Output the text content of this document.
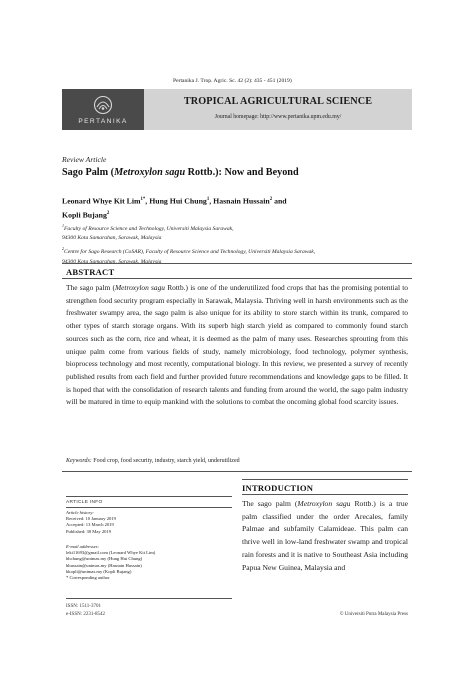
Pertanika J. Trop. Agric. Sc. 42 (2): 435 - 451 (2019)
PERTANIKA
TROPICAL AGRICULTURAL SCIENCE
Journal homepage: http://www.pertanika.upm.edu.my/
Review Article
Sago Palm (Metroxylon sagu Rottb.): Now and Beyond
Leonard Whye Kit Lim$^{1*}$, Hung Hui Chung$^1$, Hasnain Hussain$^2$ and
Kopli Bujang$^2$
$^1$Faculty of Resource Science and Technology, Universiti Malaysia Sarawak,
94300 Kota Samarahan, Sarawak, Malaysia
$^2$Centre for Sago Research (CoSAR), Faculty of Resource Science and Technology, Universiti Malaysia Sarawak,
94300 Kota Samarahan, Sarawak, Malaysia
ABSTRACT
The sago palm (Metroxylon sagu Rottb.) is one of the underutilized food crops that has the promising potential to strengthen food security program especially in Sarawak, Malaysia. Thriving well in harsh environments such as the freshwater swampy area, the sago palm is also unique for its ability to store starch within its trunk, compared to other types of starch storage organs. With its superb high starch yield as compared to commonly found starch sources such as the corn, rice and wheat, it is deemed as the palm of many uses. Researches sprouting from this unique palm come from various fields of study, namely microbiology, food technology, polymer synthesis, bioprocess technology and most recently, computational biology. In this review, we presented a survey of recently published results from each field and further provided future recommendations and knowledge gaps to be filled. It is hoped that with the consolidation of research talents and funding from around the world, the sago palm industry will be matured in time to equip mankind with the solutions to combat the oncoming global food scarcity issues.
Keywords: Food crop, food security, industry, starch yield, underutilized
ARTICLE INFO
Article history:
Received: 10 January 2019
Accepted: 13 March 2019
Published: 30 May 2019
E-mail addresses:
leki11693@gmail.com (Leonard Whye Kit Lim)
hhchung@unimas.my (Hung Hui Chung)
hhussain@unimas.my (Hasnain Hussain)
bkopli@unimas.my (Kopli Bujang)
* Corresponding author
INTRODUCTION
The sago palm (Metroxylon sagu Rottb.) is a true palm classified under the order Arecales, family Palmae and subfamily Calamideae. This palm can thrive well in low-land freshwater swamp and tropical rain forests and it is native to Southeast Asia including Papua New Guinea, Malaysia and
ISSN: 1511-3701
e-ISSN: 2231-8542	© Universiti Putra Malaysia Press
